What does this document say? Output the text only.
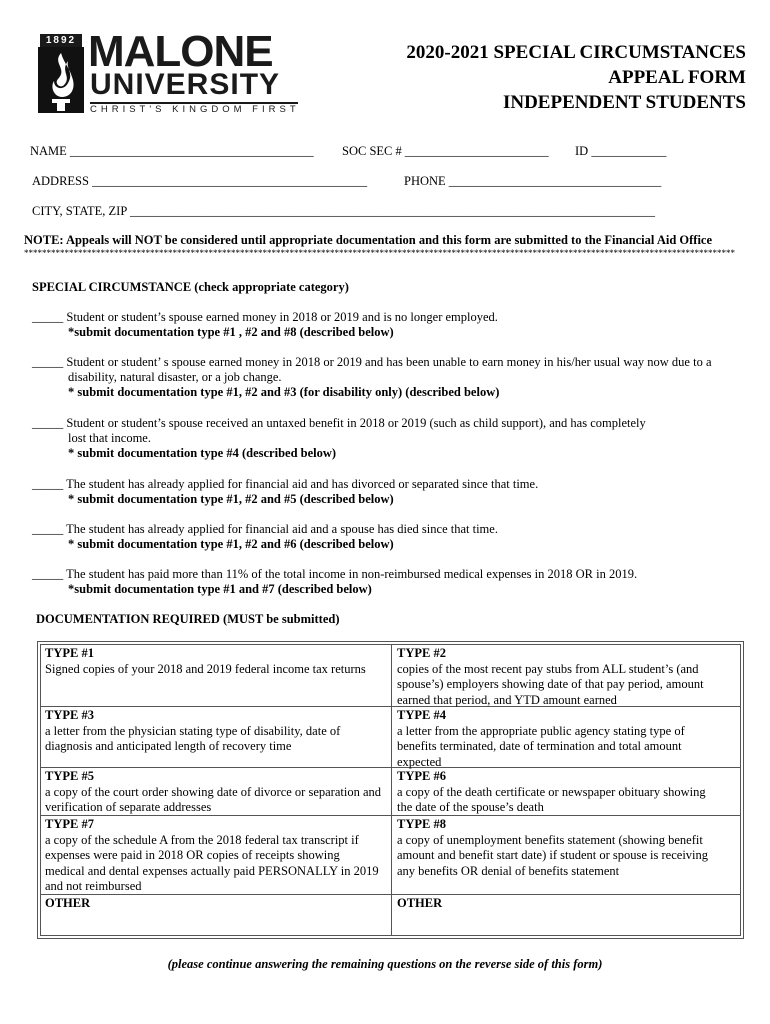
1892 MALONE
UNIVERSITY
CHRIST'S KINGDOM FIRST
2020-2021 SPECIAL CIRCUMSTANCES
APPEAL FORM
INDEPENDENT STUDENTS
NAME _______________________________________ SOC SEC # _______________________ ID ____________
ADDRESS ____________________________________________	PHONE __________________________________
CITY, STATE, ZIP ____________________________________________________________________________________
NOTE: Appeals will NOT be considered until appropriate documentation and this form are submitted to the Financial Aid Office
**************************************************************************************************************************************************************
SPECIAL CIRCUMSTANCE (check appropriate category)
_____ Student or student’s spouse earned money in 2018 or 2019 and is no longer employed.
*submit documentation type #1 , #2 and #8 (described below)
_____ Student or student’ s spouse earned money in 2018 or 2019 and has been unable to earn money in his/her usual way now due to a
disability, natural disaster, or a job change.
* submit documentation type #1, #2 and #3 (for disability only) (described below)
_____ Student or student’s spouse received an untaxed benefit in 2018 or 2019 (such as child support), and has completely
lost that income.
* submit documentation type #4 (described below)
_____ The student has already applied for financial aid and has divorced or separated since that time.
* submit documentation type #1, #2 and #5 (described below)
_____ The student has already applied for financial aid and a spouse has died since that time.
* submit documentation type #1, #2 and #6 (described below)
_____ The student has paid more than 11% of the total income in non-reimbursed medical expenses in 2018 OR in 2019.
*submit documentation type #1 and #7 (described below)
DOCUMENTATION REQUIRED (MUST be submitted)
TYPE #1
Signed copies of your 2018 and 2019 federal income tax returns
TYPE #2
copies of the most recent pay stubs from ALL student’s (and
spouse’s) employers showing date of that pay period, amount
earned that period, and YTD amount earned
TYPE #3
a letter from the physician stating type of disability, date of
diagnosis and anticipated length of recovery time
TYPE #4
a letter from the appropriate public agency stating type of
benefits terminated, date of termination and total amount
expected
TYPE #5
a copy of the court order showing date of divorce or separation and
verification of separate addresses
TYPE #6
a copy of the death certificate or newspaper obituary showing
the date of the spouse’s death
TYPE #7
a copy of the schedule A from the 2018 federal tax transcript if
expenses were paid in 2018 OR copies of receipts showing
medical and dental expenses actually paid PERSONALLY in 2019
and not reimbursed
TYPE #8
a copy of unemployment benefits statement (showing benefit
amount and benefit start date) if student or spouse is receiving
any benefits OR denial of benefits statement
OTHER	OTHER
(please continue answering the remaining questions on the reverse side of this form)
